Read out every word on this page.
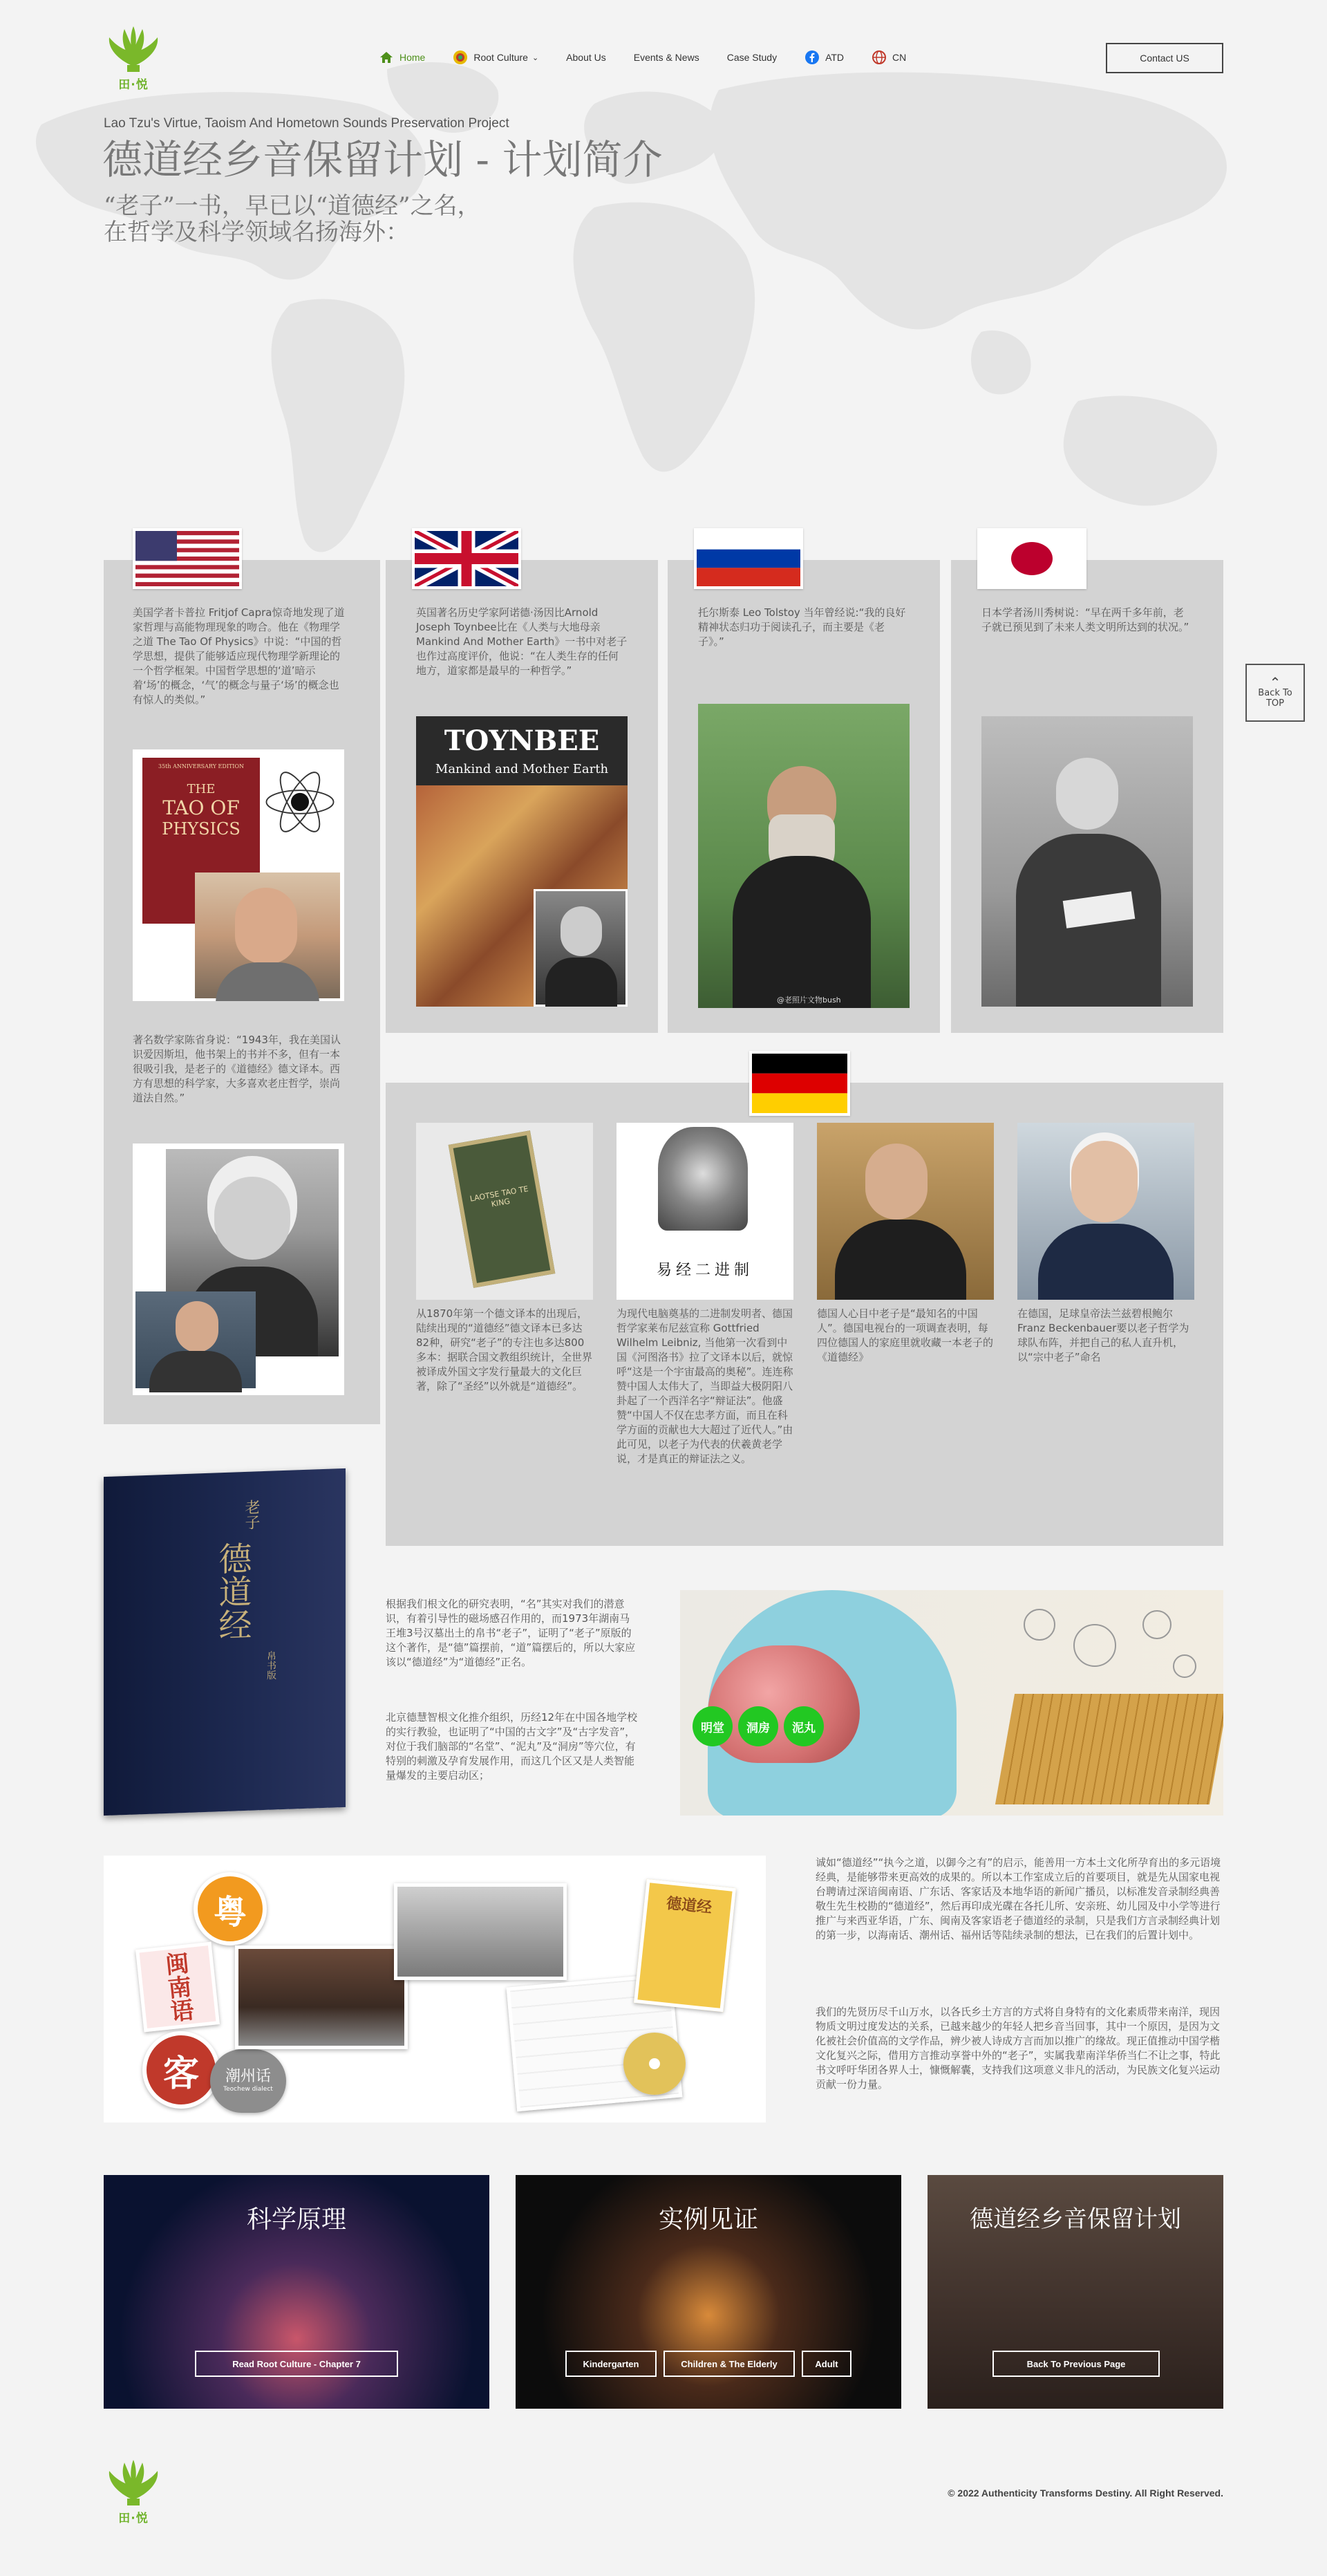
田·悦
Home	Root Culture ⌄	About Us	Events & News	Case Study	ATD	CN	Contact US
Lao Tzu's Virtue, Taoism And Hometown Sounds Preservation Project
德道经乡音保留计划 - 计划简介
“老子”一书，早已以“道德经”之名，
在哲学及科学领域名扬海外：
⌃
Back To
TOP
美国学者卡普拉 Fritjof Capra惊奇地发现了道家哲理与高能物理现象的吻合。他在《物理学之道 The Tao Of Physics》中说：“中国的哲学思想，提供了能够适应现代物理学新理论的一个哲学框架。中国哲学思想的‘道’暗示着‘场’的概念，‘气’的概念与量子‘场’的概念也有惊人的类似。”
35th ANNIVERSARY EDITION
THE
TAO OF
PHYSICS
著名数学家陈省身说：“1943年，我在美国认识爱因斯坦，他书架上的书并不多，但有一本很吸引我，是老子的《道德经》德文译本。西方有思想的科学家，大多喜欢老庄哲学，崇尚道法自然。”
英国著名历史学家阿诺德·汤因比Arnold Joseph Toynbee比在《人类与大地母亲 Mankind And Mother Earth》一书中对老子也作过高度评价，他说：“在人类生存的任何地方，道家都是最早的一种哲学。”
TOYNBEE
Mankind and Mother Earth
托尔斯泰 Leo Tolstoy 当年曾经说:“我的良好精神状态归功于阅读孔子，而主要是《老子》。”
@老照片文物bush
日本学者汤川秀树说：“早在两千多年前，老子就已预见到了未来人类文明所达到的状况。”
LAOTSE TAO TE KING
易经二进制
从1870年第一个德文译本的出现后，陆续出现的“道德经”德文译本已多达82种，研究“老子”的专注也多达800多本：据联合国文教组织统计，全世界被译成外国文字发行量最大的文化巨著，除了“圣经”以外就是“道德经”。
为现代电脑奠基的二进制发明者、德国哲学家莱布尼兹宣称 Gottfried Wilhelm Leibniz, 当他第一次看到中国《河图洛书》拉了文译本以后，就惊呼“这是一个宇宙最高的奥秘”。连连称赞中国人太伟大了，当即益大极阴阳八卦起了一个西洋名字“辩证法”。他盛赞“中国人不仅在忠孝方面，而且在科学方面的贡献也大大超过了近代人。”由此可见，以老子为代表的伏羲黄老学说，才是真正的辩证法之义。
德国人心目中老子是“最知名的中国人”。德国电视台的一项调查表明，每四位德国人的家庭里就收藏一本老子的《道德经》
在德国，足球皇帝法兰兹碧根鲍尔Franz Beckenbauer要以老子哲学为球队布阵，并把自己的私人直升机，以“宗中老子”命名
老子
德道经
帛书版
根据我们根文化的研究表明，“名”其实对我们的潜意识，有着引导性的磁场感召作用的，而1973年湖南马王堆3号汉墓出土的帛书“老子”，证明了“老子”原版的这个著作，是“德”篇摆前，“道”篇摆后的，所以大家应该以“德道经”为“道德经”正名。
北京德慧智根文化推介组织，历经12年在中国各地学校的实行教验，也证明了“中国的古文字”及“古字发音”，对位于我们脑部的“名堂”、“泥丸”及“洞房”等穴位，有特别的刺激及孕育发展作用，而这几个区又是人类智能量爆发的主要启动区；
明堂	洞房	泥丸
粤
闽南语
客	潮州话
Teochew dialect
德道经
诚如“德道经”“执今之道，以御今之有”的启示，能善用一方本土文化所孕育出的多元语境经典，是能够带来更高效的成果的。所以本工作室成立后的首要项目，就是先从国家电视台聘请过深谙闽南语、广东话、客家话及本地华语的新闻广播员，以标准发音录制经典善敬生先生校勘的“德道经”，然后再印成光碟在各托儿所、安亲班、幼儿园及中小学等进行推广与来西亚华语，广东、闽南及客家语老子德道经的录制，只是我们方言录制经典计划的第一步，以海南话、潮州话、福州话等陆续录制的想法，已在我们的后置计划中。
我们的先贤历尽千山万水，以各氏乡土方言的方式将自身特有的文化素质带来南洋，现因物质文明过度发达的关系，已越来越少的年轻人把乡音当回事，其中一个原因，是因为文化被社会价值高的文学作品，辨少被人诗成方言而加以推广的缘故。现正值推动中国学楷文化复兴之际，借用方言推动享誉中外的“老子”，实属我辈南洋华侨当仁不让之事，特此书文呼吁华团各界人士，慷慨解囊，支持我们这项意义非凡的活动，为民族文化复兴运动贡献一份力量。
科学原理
Read Root Culture - Chapter 7
实例见证
Kindergarten	Children & The Elderly	Adult
德道经乡音保留计划
Back To Previous Page
田·悦
© 2022 Authenticity Transforms Destiny. All Right Reserved.
